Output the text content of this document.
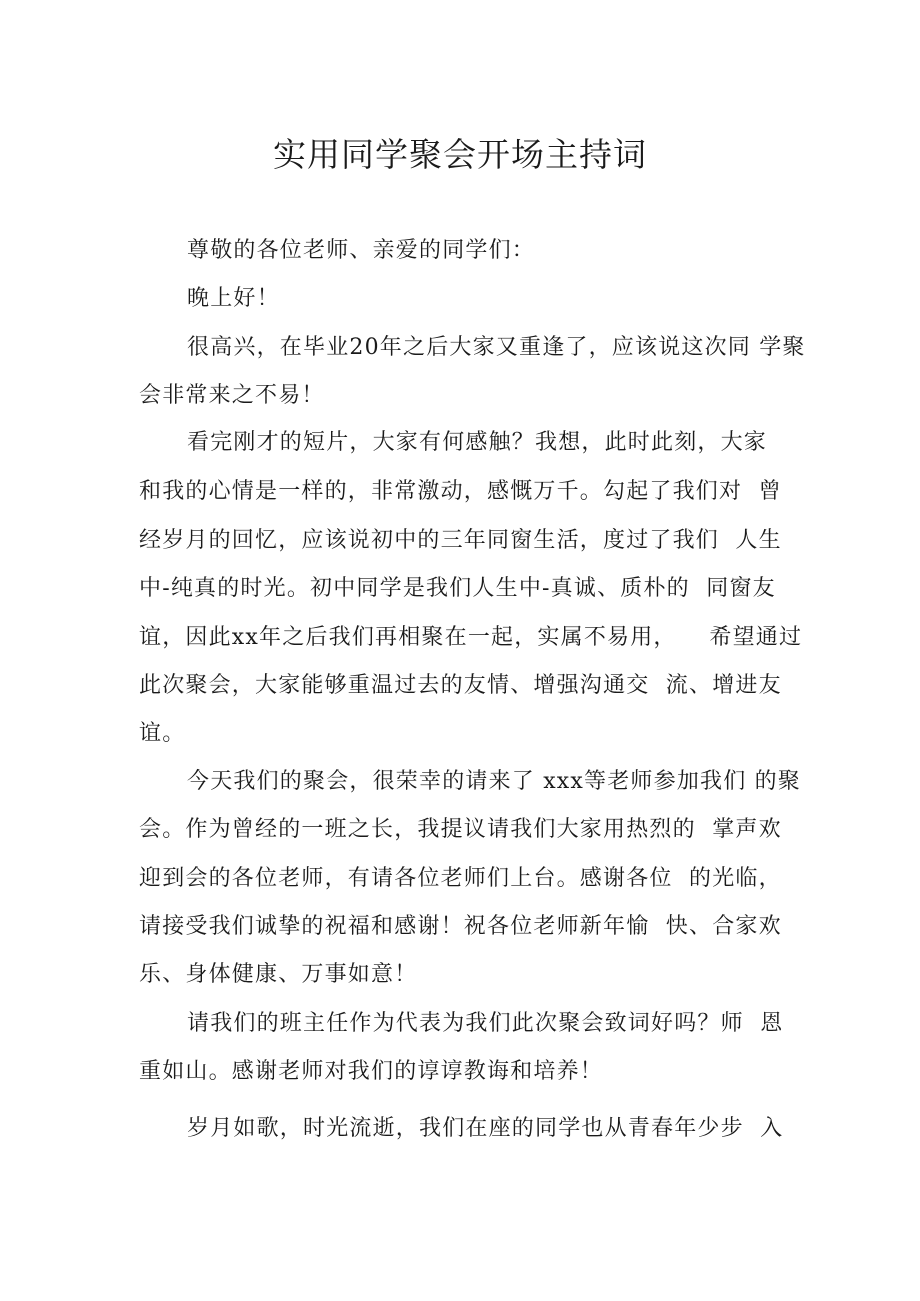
实用同学聚会开场主持词
尊敬的各位老师、亲爱的同学们：
晚上好！
很高兴，在毕业20年之后大家又重逢了，应该说这次同 学聚
会非常来之不易！
看完刚才的短片，大家有何感触？我想，此时此刻，大家
和我的心情是一样的，非常激动，感慨万千。勾起了我们对  曾
经岁月的回忆，应该说初中的三年同窗生活，度过了我们  人生
中-纯真的时光。初中同学是我们人生中-真诚、质朴的  同窗友
谊，因此xx年之后我们再相聚在一起，实属不易用，    希望通过
此次聚会，大家能够重温过去的友情、增强沟通交  流、增进友
谊。
今天我们的聚会，很荣幸的请来了 xxx等老师参加我们 的聚
会。作为曾经的一班之长，我提议请我们大家用热烈的  掌声欢
迎到会的各位老师，有请各位老师们上台。感谢各位  的光临，
请接受我们诚挚的祝福和感谢！祝各位老师新年愉  快、合家欢
乐、身体健康、万事如意！
请我们的班主任作为代表为我们此次聚会致词好吗？师  恩
重如山。感谢老师对我们的谆谆教诲和培养！
岁月如歌，时光流逝，我们在座的同学也从青春年少步  入
